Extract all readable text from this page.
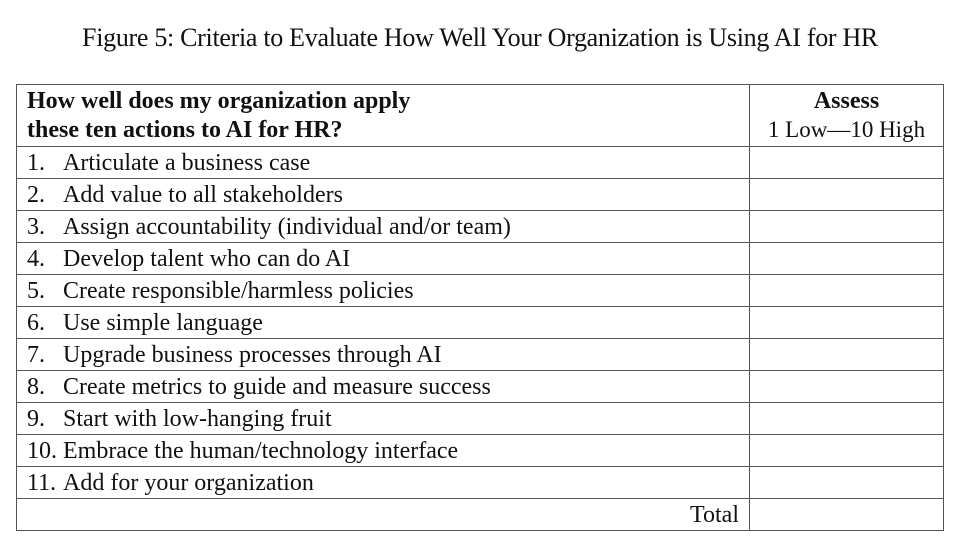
Figure 5: Criteria to Evaluate How Well Your Organization is Using AI for HR
How well does my organization apply
these ten actions to AI for HR?	Assess
1 Low—10 High

1. Articulate a business case	
2. Add value to all stakeholders	
3. Assign accountability (individual and/or team)	
4. Develop talent who can do AI	
5. Create responsible/harmless policies	
6. Use simple language	
7. Upgrade business processes through AI	
8. Create metrics to guide and measure success	
9. Start with low-hanging fruit	
10. Embrace the human/technology interface	
11. Add for your organization	
Total	
